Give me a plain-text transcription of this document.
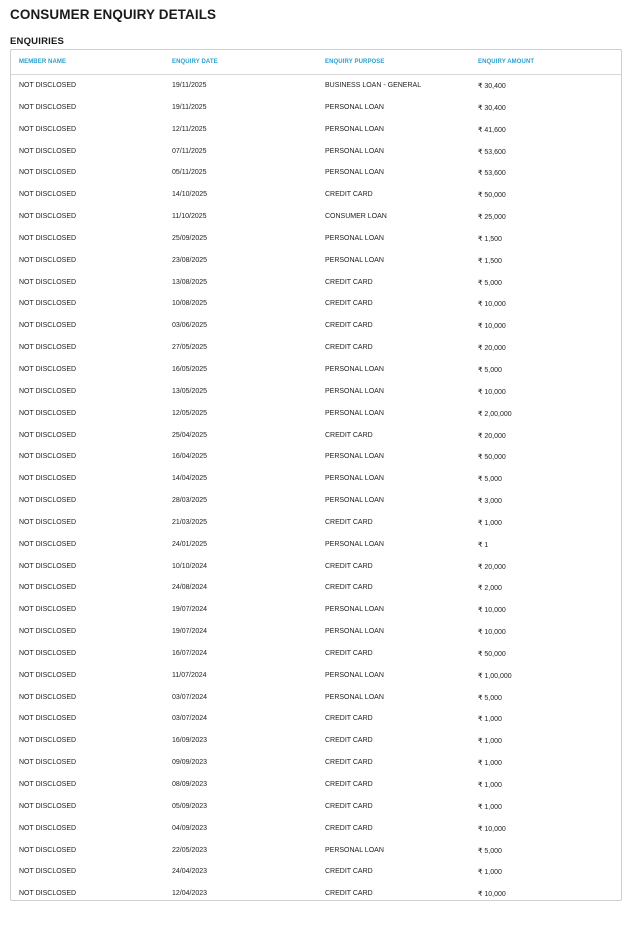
CONSUMER ENQUIRY DETAILS
ENQUIRIES
MEMBER NAME	ENQUIRY DATE	ENQUIRY PURPOSE	ENQUIRY AMOUNT
NOT DISCLOSED	19/11/2025	BUSINESS LOAN - GENERAL	₹ 30,400
NOT DISCLOSED	19/11/2025	PERSONAL LOAN	₹ 30,400
NOT DISCLOSED	12/11/2025	PERSONAL LOAN	₹ 41,600
NOT DISCLOSED	07/11/2025	PERSONAL LOAN	₹ 53,600
NOT DISCLOSED	05/11/2025	PERSONAL LOAN	₹ 53,600
NOT DISCLOSED	14/10/2025	CREDIT CARD	₹ 50,000
NOT DISCLOSED	11/10/2025	CONSUMER LOAN	₹ 25,000
NOT DISCLOSED	25/09/2025	PERSONAL LOAN	₹ 1,500
NOT DISCLOSED	23/08/2025	PERSONAL LOAN	₹ 1,500
NOT DISCLOSED	13/08/2025	CREDIT CARD	₹ 5,000
NOT DISCLOSED	10/08/2025	CREDIT CARD	₹ 10,000
NOT DISCLOSED	03/06/2025	CREDIT CARD	₹ 10,000
NOT DISCLOSED	27/05/2025	CREDIT CARD	₹ 20,000
NOT DISCLOSED	16/05/2025	PERSONAL LOAN	₹ 5,000
NOT DISCLOSED	13/05/2025	PERSONAL LOAN	₹ 10,000
NOT DISCLOSED	12/05/2025	PERSONAL LOAN	₹ 2,00,000
NOT DISCLOSED	25/04/2025	CREDIT CARD	₹ 20,000
NOT DISCLOSED	16/04/2025	PERSONAL LOAN	₹ 50,000
NOT DISCLOSED	14/04/2025	PERSONAL LOAN	₹ 5,000
NOT DISCLOSED	28/03/2025	PERSONAL LOAN	₹ 3,000
NOT DISCLOSED	21/03/2025	CREDIT CARD	₹ 1,000
NOT DISCLOSED	24/01/2025	PERSONAL LOAN	₹ 1
NOT DISCLOSED	10/10/2024	CREDIT CARD	₹ 20,000
NOT DISCLOSED	24/08/2024	CREDIT CARD	₹ 2,000
NOT DISCLOSED	19/07/2024	PERSONAL LOAN	₹ 10,000
NOT DISCLOSED	19/07/2024	PERSONAL LOAN	₹ 10,000
NOT DISCLOSED	16/07/2024	CREDIT CARD	₹ 50,000
NOT DISCLOSED	11/07/2024	PERSONAL LOAN	₹ 1,00,000
NOT DISCLOSED	03/07/2024	PERSONAL LOAN	₹ 5,000
NOT DISCLOSED	03/07/2024	CREDIT CARD	₹ 1,000
NOT DISCLOSED	16/09/2023	CREDIT CARD	₹ 1,000
NOT DISCLOSED	09/09/2023	CREDIT CARD	₹ 1,000
NOT DISCLOSED	08/09/2023	CREDIT CARD	₹ 1,000
NOT DISCLOSED	05/09/2023	CREDIT CARD	₹ 1,000
NOT DISCLOSED	04/09/2023	CREDIT CARD	₹ 10,000
NOT DISCLOSED	22/05/2023	PERSONAL LOAN	₹ 5,000
NOT DISCLOSED	24/04/2023	CREDIT CARD	₹ 1,000
NOT DISCLOSED	12/04/2023	CREDIT CARD	₹ 10,000
